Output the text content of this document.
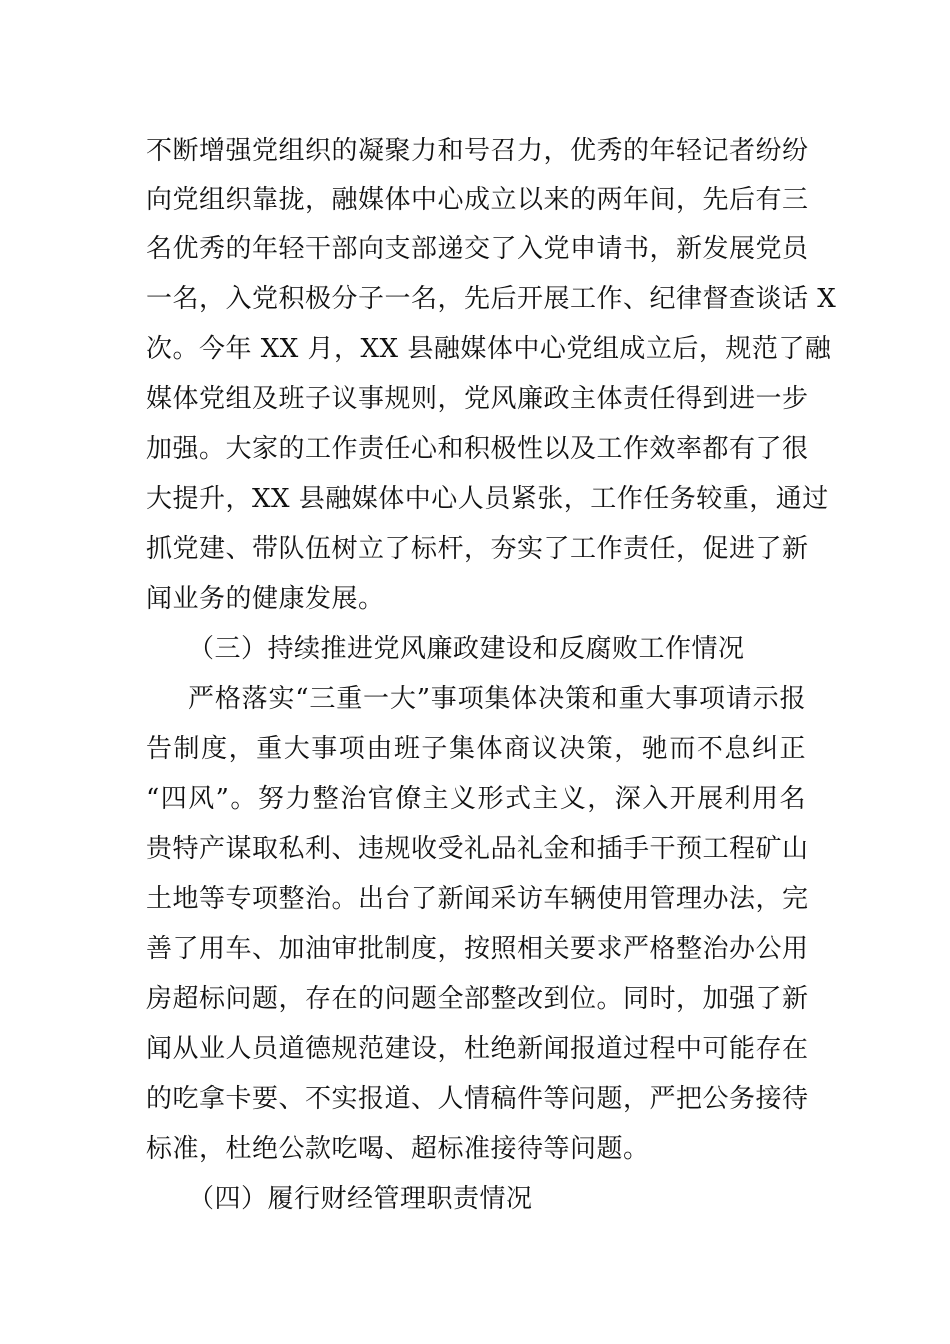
不断增强党组织的凝聚力和号召力，优秀的年轻记者纷纷
向党组织靠拢，融媒体中心成立以来的两年间，先后有三
名优秀的年轻干部向支部递交了入党申请书，新发展党员
一名，入党积极分子一名，先后开展工作、纪律督查谈话 X
次。今年 XX 月，XX 县融媒体中心党组成立后，规范了融
媒体党组及班子议事规则，党风廉政主体责任得到进一步
加强。大家的工作责任心和积极性以及工作效率都有了很
大提升，XX 县融媒体中心人员紧张，工作任务较重，通过
抓党建、带队伍树立了标杆，夯实了工作责任，促进了新
闻业务的健康发展。
（三）持续推进党风廉政建设和反腐败工作情况
严格落实“三重一大”事项集体决策和重大事项请示报
告制度，重大事项由班子集体商议决策，驰而不息纠正
“四风”。努力整治官僚主义形式主义，深入开展利用名
贵特产谋取私利、违规收受礼品礼金和插手干预工程矿山
土地等专项整治。出台了新闻采访车辆使用管理办法，完
善了用车、加油审批制度，按照相关要求严格整治办公用
房超标问题，存在的问题全部整改到位。同时，加强了新
闻从业人员道德规范建设，杜绝新闻报道过程中可能存在
的吃拿卡要、不实报道、人情稿件等问题，严把公务接待
标准，杜绝公款吃喝、超标准接待等问题。
（四）履行财经管理职责情况
